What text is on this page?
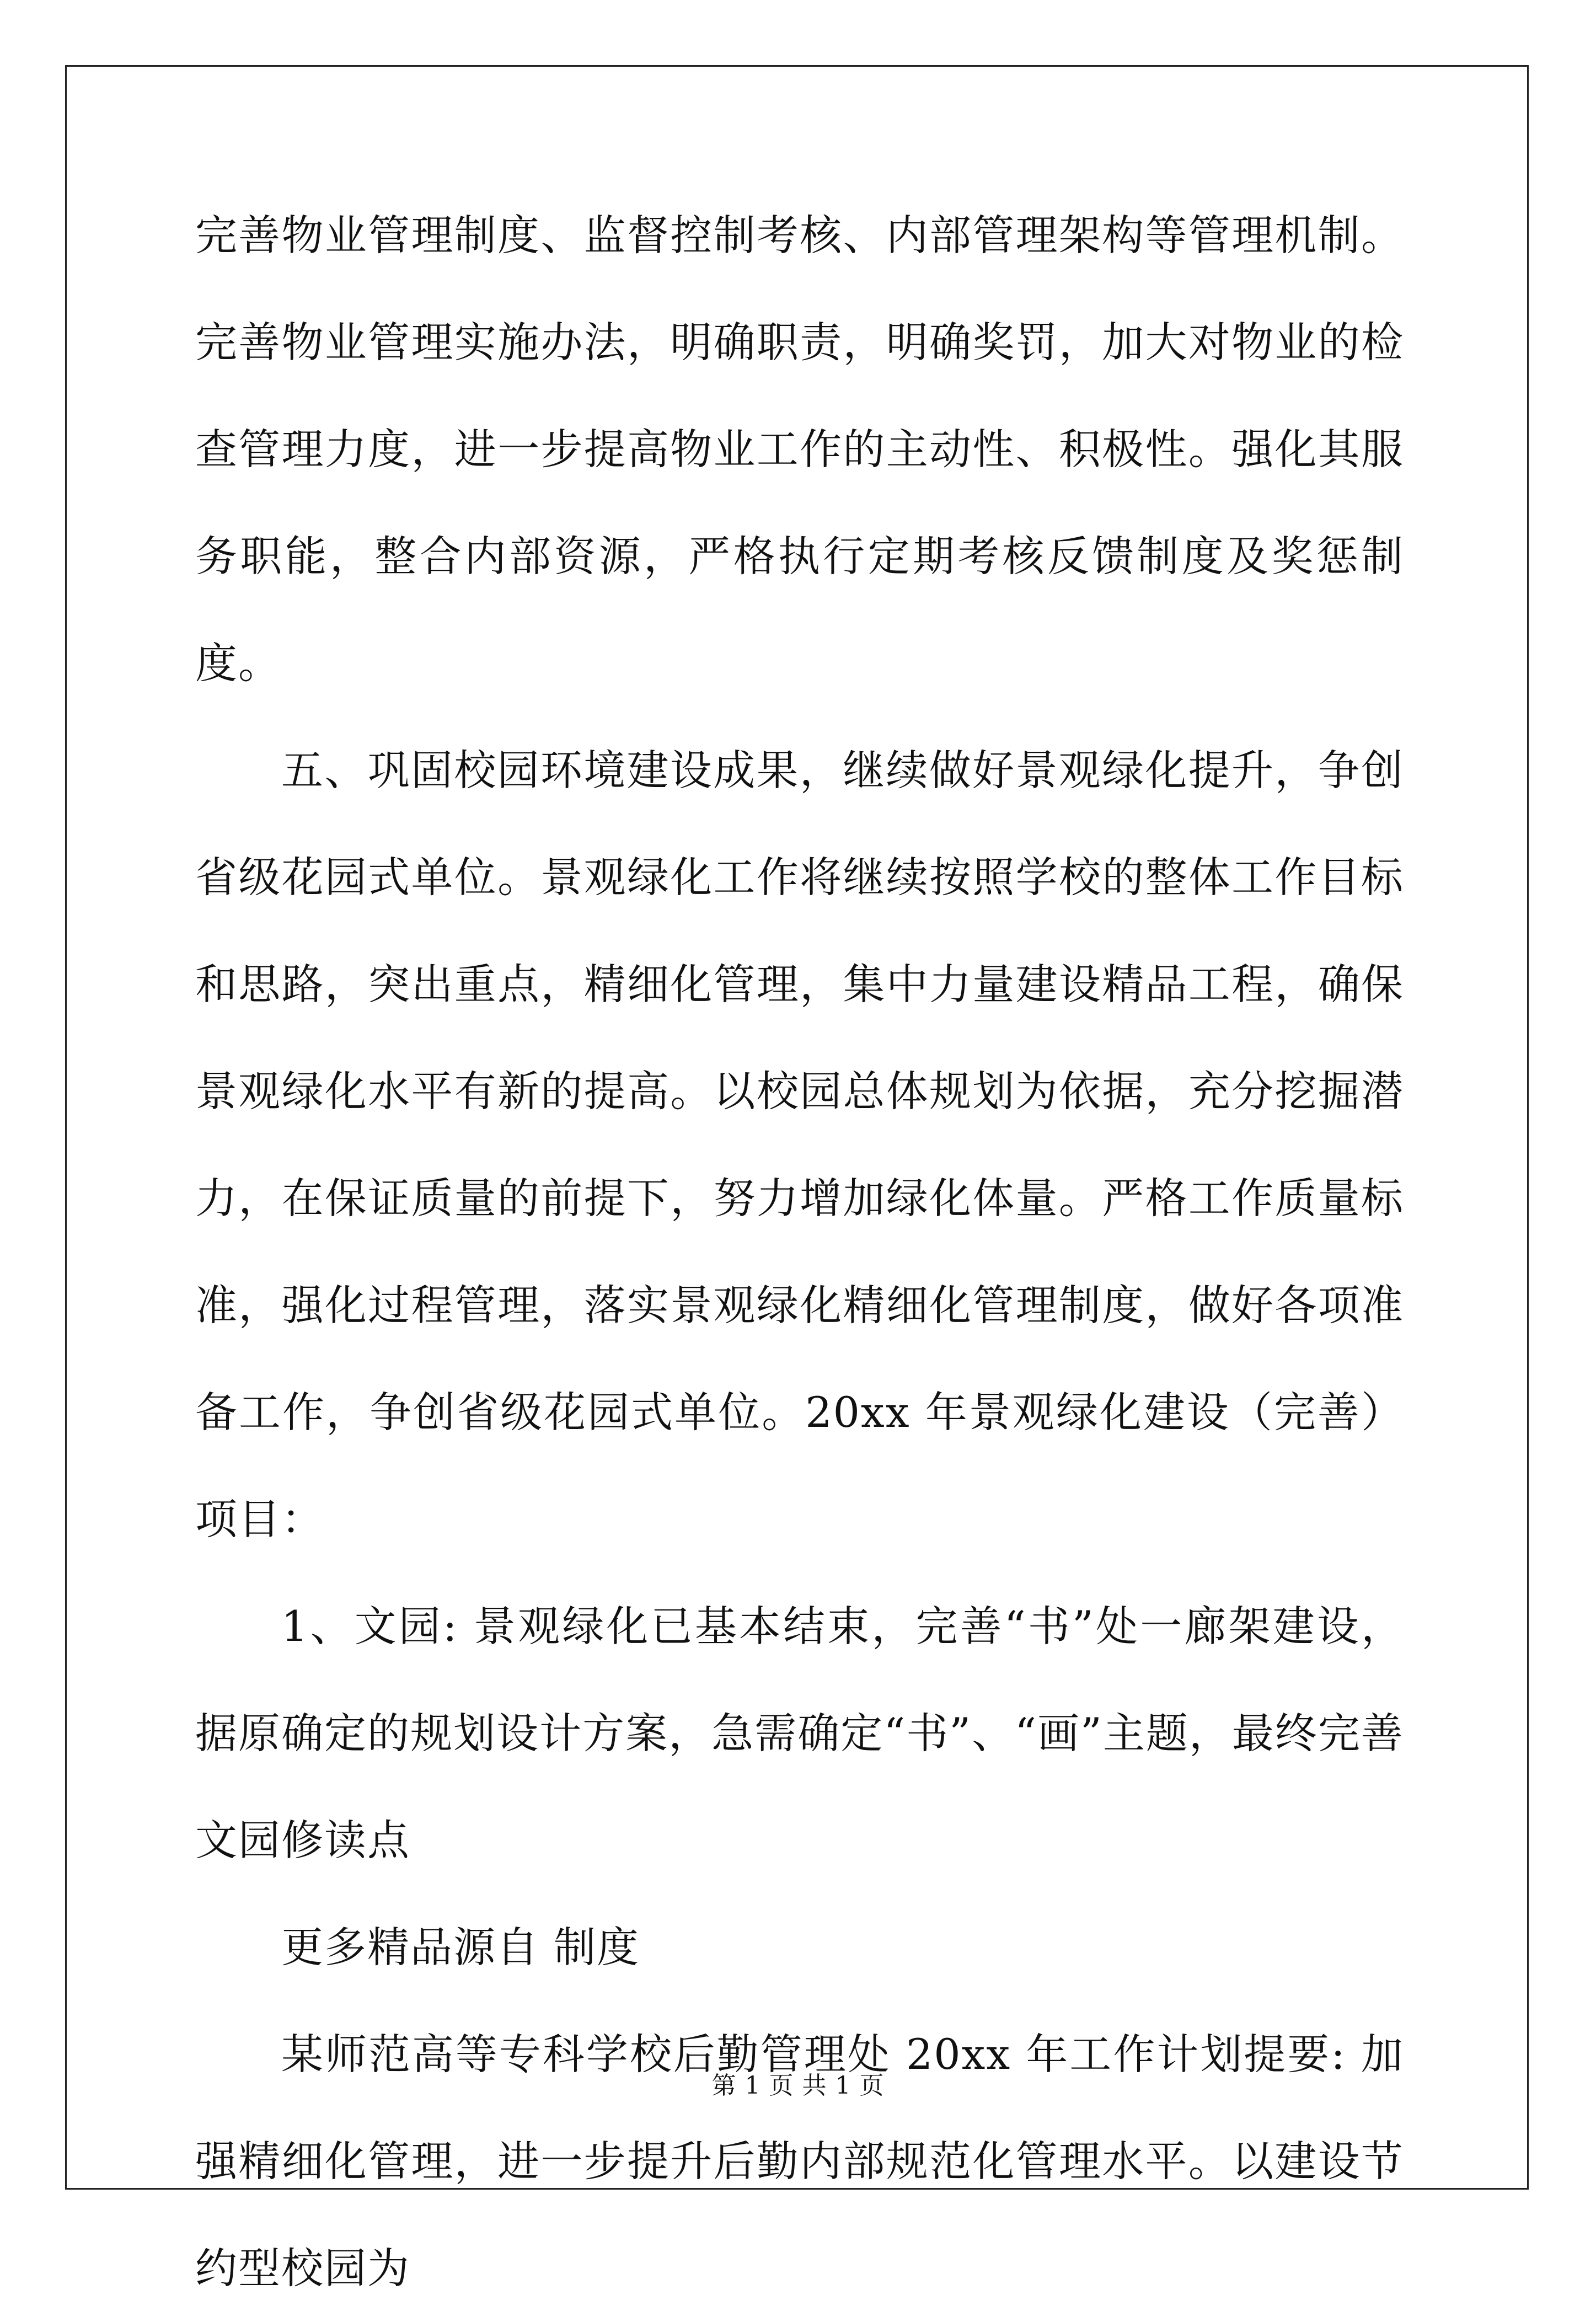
完善物业管理制度、监督控制考核、内部管理架构等管理机制。完善物业管理实施办法，明确职责，明确奖罚，加大对物业的检查管理力度，进一步提高物业工作的主动性、积极性。强化其服务职能，整合内部资源，严格执行定期考核反馈制度及奖惩制度。

五、巩固校园环境建设成果，继续做好景观绿化提升，争创省级花园式单位。景观绿化工作将继续按照学校的整体工作目标和思路，突出重点，精细化管理，集中力量建设精品工程，确保景观绿化水平有新的提高。以校园总体规划为依据，充分挖掘潜力，在保证质量的前提下，努力增加绿化体量。严格工作质量标准，强化过程管理，落实景观绿化精细化管理制度，做好各项准备工作，争创省级花园式单位。20xx 年景观绿化建设（完善）项目：

1、文园: 景观绿化已基本结束，完善“书”处一廊架建设，据原确定的规划设计方案，急需确定“书”、“画”主题，最终完善文园修读点

更多精品源自 制度

某师范高等专科学校后勤管理处 20xx 年工作计划提要: 加强精细化管理，进一步提升后勤内部规范化管理水平。以建设节约型校园为

第 1 页 共 1 页
